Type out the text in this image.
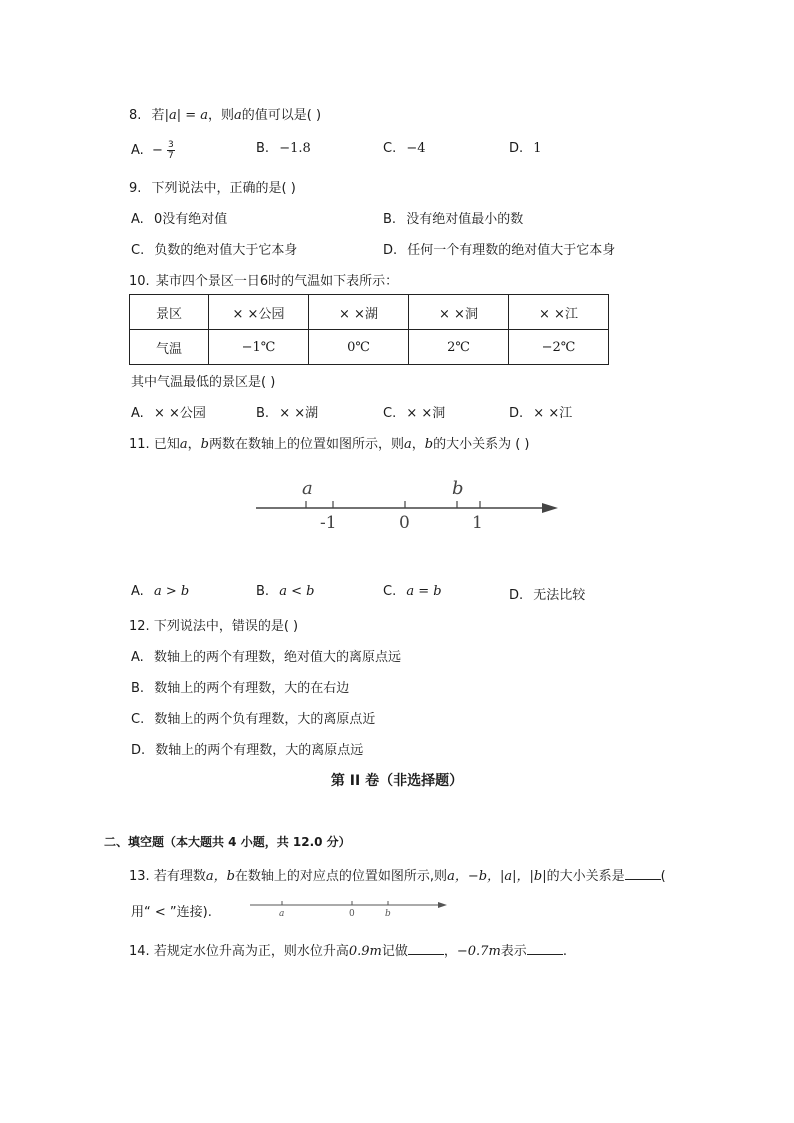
8. 若|a| = a，则a的值可以是( )
A. − $\frac{3}{7}$	B. −1.8	C. −4	D. 1
9. 下列说法中，正确的是( )
A. 0没有绝对值	B. 没有绝对值最小的数
C. 负数的绝对值大于它本身	D. 任何一个有理数的绝对值大于它本身
10. 某市四个景区一日6时的气温如下表所示：
景区	× ×公园	× ×湖	× ×洞	× ×江
气温	−1℃	0℃	2℃	−2℃
其中气温最低的景区是( )
A. × ×公园	B. × ×湖	C. × ×洞	D. × ×江
11. 已知a，b两数在数轴上的位置如图所示，则a，b的大小关系为 ( )
a	b
-1	0	1
A. a > b	B. a < b	C. a = b	D. 无法比较
12. 下列说法中，错误的是( )
A. 数轴上的两个有理数，绝对值大的离原点远
B. 数轴上的两个有理数，大的在右边
C. 数轴上的两个负有理数，大的离原点近
D. 数轴上的两个有理数，大的离原点远
第 II 卷（非选择题）
二、填空题（本大题共 4 小题，共 12.0 分）
13. 若有理数a，b在数轴上的对应点的位置如图所示,则a，−b，|a|，|b|的大小关系是	(
用“ < ”连接).	a	0	b
14. 若规定水位升高为正，则水位升高0.9m记做	，−0.7m表示	.
